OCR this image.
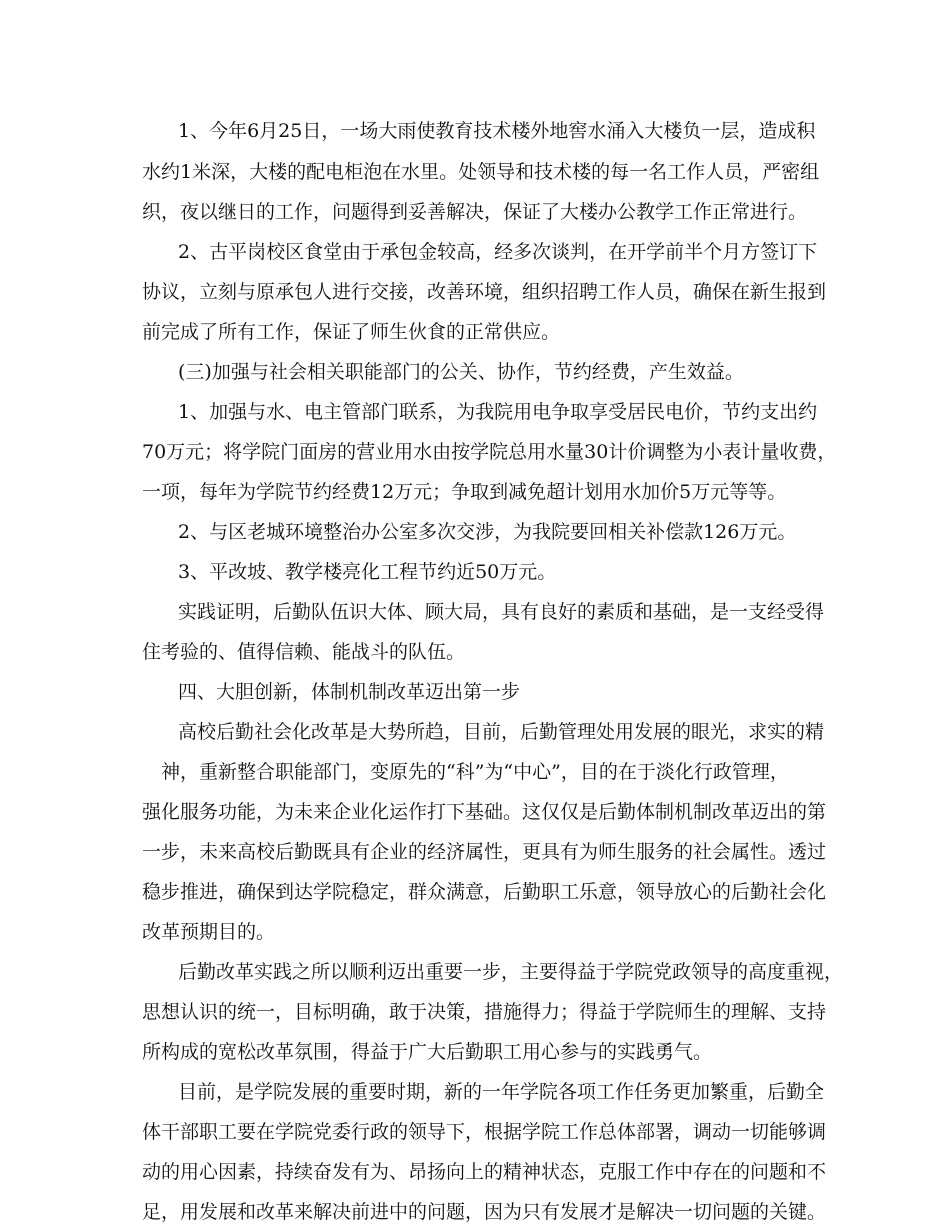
1、今年6月25日，一场大雨使教育技术楼外地窖水涌入大楼负一层，造成积
水约1米深，大楼的配电柜泡在水里。处领导和技术楼的每一名工作人员，严密组
织，夜以继日的工作，问题得到妥善解决，保证了大楼办公教学工作正常进行。
2、古平岗校区食堂由于承包金较高，经多次谈判，在开学前半个月方签订下
协议，立刻与原承包人进行交接，改善环境，组织招聘工作人员，确保在新生报到
前完成了所有工作，保证了师生伙食的正常供应。
(三)加强与社会相关职能部门的公关、协作，节约经费，产生效益。
1、加强与水、电主管部门联系，为我院用电争取享受居民电价，节约支出约
70万元；将学院门面房的营业用水由按学院总用水量30计价调整为小表计量收费，
一项，每年为学院节约经费12万元；争取到减免超计划用水加价5万元等等。
2、与区老城环境整治办公室多次交涉，为我院要回相关补偿款126万元。
3、平改坡、教学楼亮化工程节约近50万元。
实践证明，后勤队伍识大体、顾大局，具有良好的素质和基础，是一支经受得
住考验的、值得信赖、能战斗的队伍。
四、大胆创新，体制机制改革迈出第一步
高校后勤社会化改革是大势所趋，目前，后勤管理处用发展的眼光，求实的精
神，重新整合职能部门，变原先的“科”为“中心”，目的在于淡化行政管理，
强化服务功能，为未来企业化运作打下基础。这仅仅是后勤体制机制改革迈出的第
一步，未来高校后勤既具有企业的经济属性，更具有为师生服务的社会属性。透过
稳步推进，确保到达学院稳定，群众满意，后勤职工乐意，领导放心的后勤社会化
改革预期目的。
后勤改革实践之所以顺利迈出重要一步，主要得益于学院党政领导的高度重视，
思想认识的统一，目标明确，敢于决策，措施得力；得益于学院师生的理解、支持
所构成的宽松改革氛围，得益于广大后勤职工用心参与的实践勇气。
目前，是学院发展的重要时期，新的一年学院各项工作任务更加繁重，后勤全
体干部职工要在学院党委行政的领导下，根据学院工作总体部署，调动一切能够调
动的用心因素，持续奋发有为、昂扬向上的精神状态，克服工作中存在的问题和不
足，用发展和改革来解决前进中的问题，因为只有发展才是解决一切问题的关键。
